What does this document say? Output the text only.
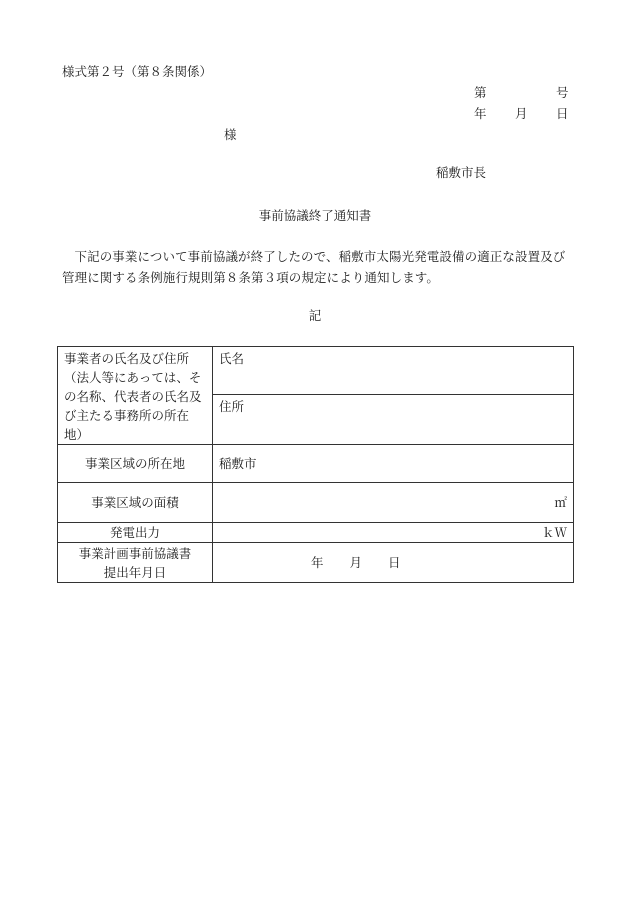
様式第２号（第８条関係）
第	号
年 月 日
様
稲敷市長
事前協議終了通知書
下記の事業について事前協議が終了したので、稲敷市太陽光発電設備の適正な設置及び管理に関する条例施行規則第８条第３項の規定により通知します。
記
事業者の氏名及び住所
（法人等にあっては、その名称、代表者の氏名及び主たる事務所の所在地）	氏名
	住所
事業区域の所在地	稲敷市
事業区域の面積	㎡
発電出力	ｋＷ

事業計画事前協議書
提出年月日	年 月 日
